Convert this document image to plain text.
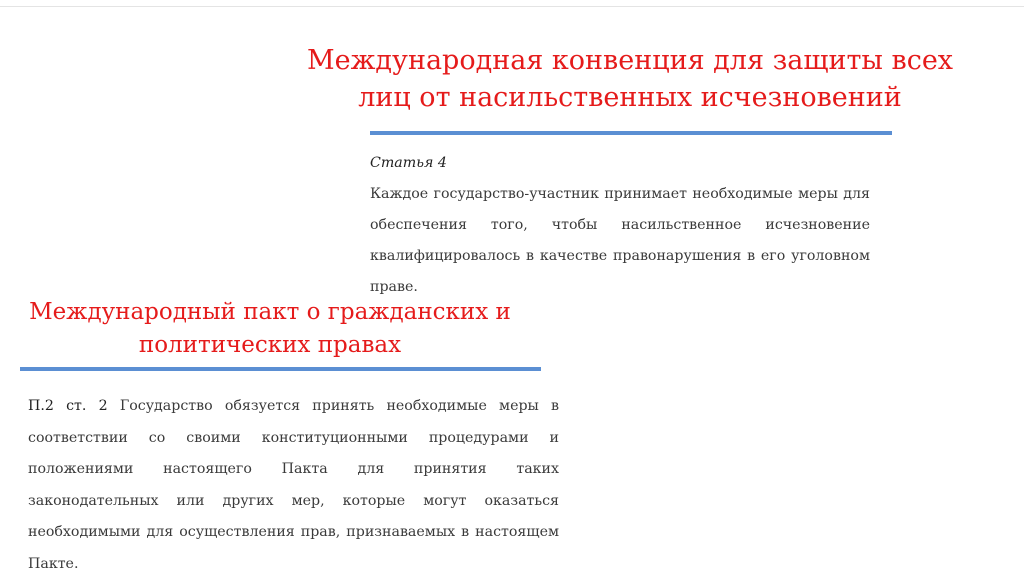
Международная конвенция для защиты всех лиц от насильственных исчезновений
Статья 4
Каждое государство-участник принимает необходимые меры для обеспечения того, чтобы насильственное исчезновение квалифицировалось в качестве правонарушения в его уголовном праве.
Международный пакт о гражданских и политических правах

П.2 ст. 2 Государство обязуется принять необходимые меры в соответствии со своими конституционными процедурами и положениями настоящего Пакта для принятия таких законодательных или других мер, которые могут оказаться необходимыми для осуществления прав, признаваемых в настоящем Пакте.
